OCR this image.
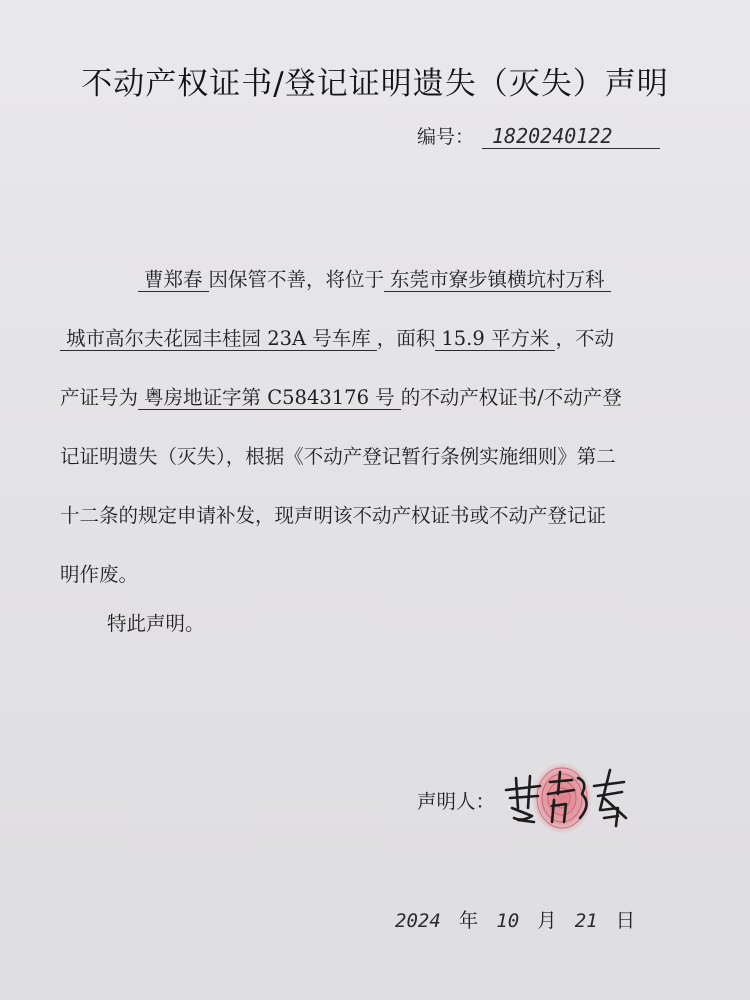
不动产权证书/登记证明遗失（灭失）声明
编号： 1820240122
曹郑春 因保管不善，将位于 东莞市寮步镇横坑村万科
城市高尔夫花园丰桂园 23A 号车库 ，面积 15.9 平方米 ，不动
产证号为 粤房地证字第 C5843176 号 的不动产权证书/不动产登
记证明遗失（灭失），根据《不动产登记暂行条例实施细则》第二
十二条的规定申请补发，现声明该不动产权证书或不动产登记证
明作废。
特此声明。
声明人：
2024 年 10 月 21 日
